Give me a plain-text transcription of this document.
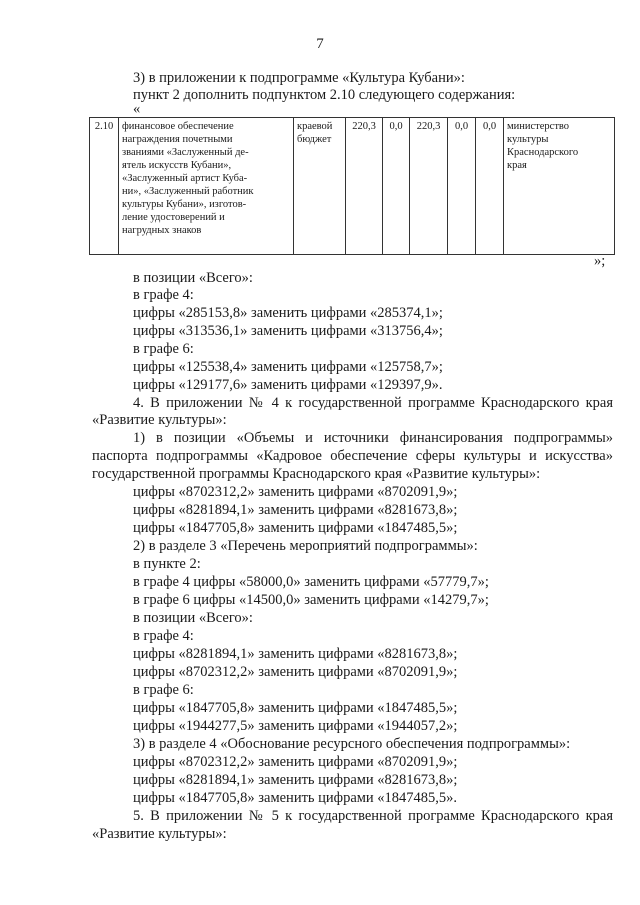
7
3) в приложении к подпрограмме «Культура Кубани»:
пункт 2 дополнить подпунктом 2.10 следующего содержания:
«
2.10	финансовое обеспечение
награждения почетными
званиями «Заслуженный де-
ятель искусств Кубани»,
«Заслуженный артист Куба-
ни», «Заслуженный работник
культуры Кубани», изготов-
ление удостоверений и
нагрудных знаков	краевой
бюджет	220,3	0,0	220,3	0,0	0,0	министерство
культуры
Краснодарского
края
»;
в позиции «Всего»:
в графе 4:
цифры «285153,8» заменить цифрами «285374,1»;
цифры «313536,1» заменить цифрами «313756,4»;
в графе 6:
цифры «125538,4» заменить цифрами «125758,7»;
цифры «129177,6» заменить цифрами «129397,9».
4. В приложении № 4 к государственной программе Краснодарского края
«Развитие культуры»:
1) в позиции «Объемы и источники финансирования подпрограммы»
паспорта подпрограммы «Кадровое обеспечение сферы культуры и искусства»
государственной программы Краснодарского края «Развитие культуры»:
цифры «8702312,2» заменить цифрами «8702091,9»;
цифры «8281894,1» заменить цифрами «8281673,8»;
цифры «1847705,8» заменить цифрами «1847485,5»;
2) в разделе 3 «Перечень мероприятий подпрограммы»:
в пункте 2:
в графе 4 цифры «58000,0» заменить цифрами «57779,7»;
в графе 6 цифры «14500,0» заменить цифрами «14279,7»;
в позиции «Всего»:
в графе 4:
цифры «8281894,1» заменить цифрами «8281673,8»;
цифры «8702312,2» заменить цифрами «8702091,9»;
в графе 6:
цифры «1847705,8» заменить цифрами «1847485,5»;
цифры «1944277,5» заменить цифрами «1944057,2»;
3) в разделе 4 «Обоснование ресурсного обеспечения подпрограммы»:
цифры «8702312,2» заменить цифрами «8702091,9»;
цифры «8281894,1» заменить цифрами «8281673,8»;
цифры «1847705,8» заменить цифрами «1847485,5».
5. В приложении № 5 к государственной программе Краснодарского края
«Развитие культуры»:
